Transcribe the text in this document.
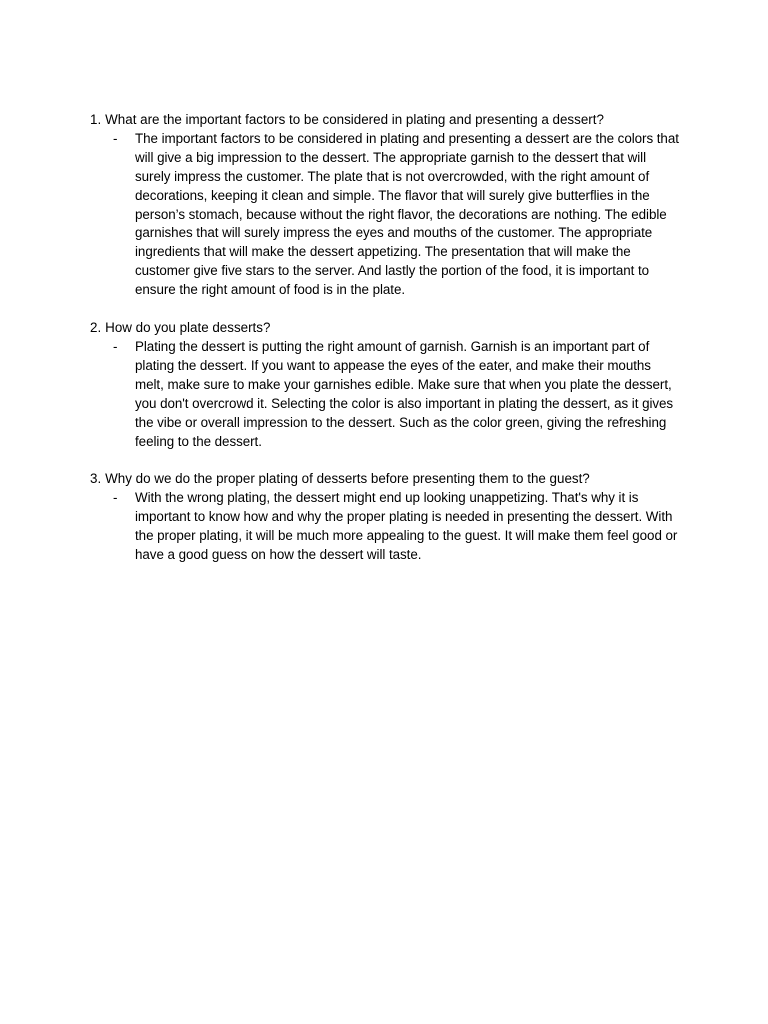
1. What are the important factors to be considered in plating and presenting a dessert?
-	The important factors to be considered in plating and presenting a dessert are the colors that will give a big impression to the dessert. The appropriate garnish to the dessert that will surely impress the customer. The plate that is not overcrowded, with the right amount of decorations, keeping it clean and simple. The flavor that will surely give butterflies in the person’s stomach, because without the right flavor, the decorations are nothing. The edible garnishes that will surely impress the eyes and mouths of the customer. The appropriate ingredients that will make the dessert appetizing. The presentation that will make the customer give five stars to the server. And lastly the portion of the food, it is important to ensure the right amount of food is in the plate.
2. How do you plate desserts?
-	Plating the dessert is putting the right amount of garnish. Garnish is an important part of plating the dessert. If you want to appease the eyes of the eater, and make their mouths melt, make sure to make your garnishes edible. Make sure that when you plate the dessert, you don't overcrowd it. Selecting the color is also important in plating the dessert, as it gives the vibe or overall impression to the dessert. Such as the color green, giving the refreshing feeling to the dessert.
3. Why do we do the proper plating of desserts before presenting them to the guest?
-	With the wrong plating, the dessert might end up looking unappetizing. That's why it is important to know how and why the proper plating is needed in presenting the dessert. With the proper plating, it will be much more appealing to the guest. It will make them feel good or have a good guess on how the dessert will taste.
